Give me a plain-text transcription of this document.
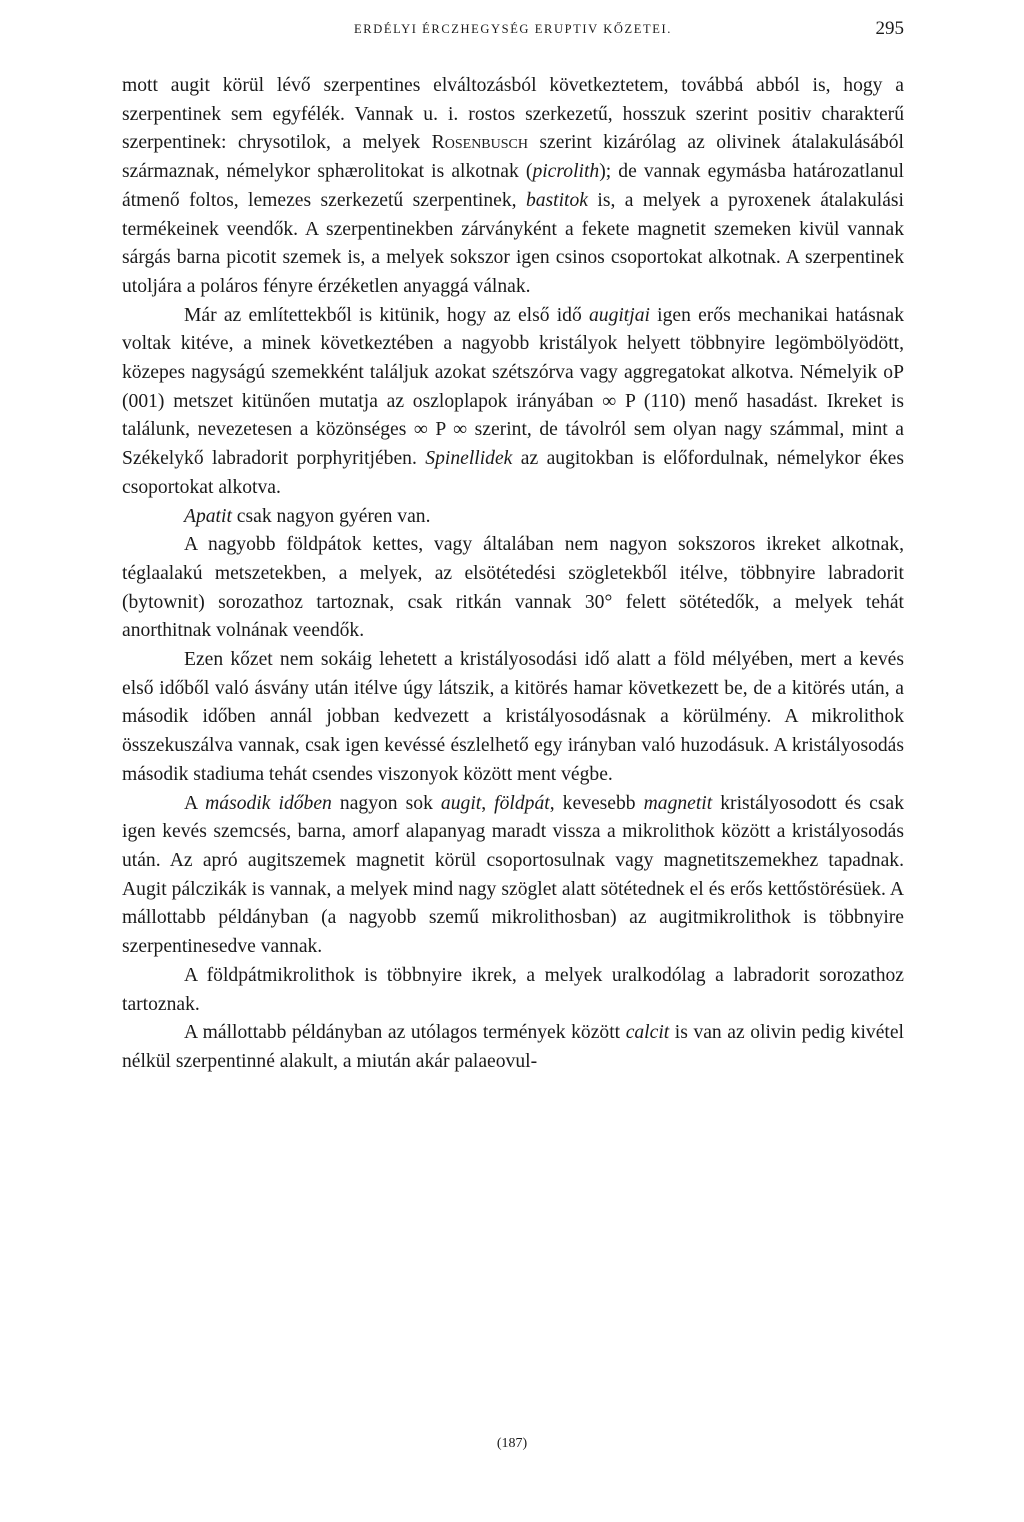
ERDÉLYI ÉRCZHEGYSÉG ERUPTIV KŐZETEI.	295

mott augit körül lévő szerpentines elváltozásból következtetem, továbbá abból is, hogy a szerpentinek sem egyfélék. Vannak u. i. rostos szerkezetű, hosszuk szerint positiv charakterű szerpentinek: chrysotilok, a melyek Rosenbusch szerint kizárólag az olivinek átalakulásából származnak, némelykor sphærolitokat is alkotnak (picrolith); de vannak egymásba határozatlanul átmenő foltos, lemezes szerkezetű szerpentinek, bastitok is, a melyek a pyroxenek átalakulási termékeinek veendők. A szerpentinekben zárványként a fekete magnetit szemeken kivül vannak sárgás barna picotit szemek is, a melyek sokszor igen csinos csoportokat alkotnak. A szerpentinek utoljára a poláros fényre érzéketlen anyaggá válnak.

Már az említettekből is kitünik, hogy az első idő augitjai igen erős mechanikai hatásnak voltak kitéve, a minek következtében a nagyobb kristályok helyett többnyire legömbölyödött, közepes nagyságú szemekként találjuk azokat szétszórva vagy aggregatokat alkotva. Némelyik oP (001) metszet kitünően mutatja az oszloplapok irányában ∞ P (110) menő hasadást. Ikreket is találunk, nevezetesen a közönséges ∞ P ∞ szerint, de távolról sem olyan nagy számmal, mint a Székelykő labradorit porphyritjében. Spinellidek az augitokban is előfordulnak, némelykor ékes csoportokat alkotva.

Apatit csak nagyon gyéren van.

A nagyobb földpátok kettes, vagy általában nem nagyon sokszoros ikreket alkotnak, téglaalakú metszetekben, a melyek, az elsötétedési szögletekből itélve, többnyire labradorit (bytownit) sorozathoz tartoznak, csak ritkán vannak 30° felett sötétedők, a melyek tehát anorthitnak volnának veendők.

Ezen kőzet nem sokáig lehetett a kristályosodási idő alatt a föld mélyében, mert a kevés első időből való ásvány után itélve úgy látszik, a kitörés hamar következett be, de a kitörés után, a második időben annál jobban kedvezett a kristályosodásnak a körülmény. A mikrolithok összekuszálva vannak, csak igen kevéssé észlelhető egy irányban való huzodásuk. A kristályosodás második stadiuma tehát csendes viszonyok között ment végbe.

A második időben nagyon sok augit, földpát, kevesebb magnetit kristályosodott és csak igen kevés szemcsés, barna, amorf alapanyag maradt vissza a mikrolithok között a kristályosodás után. Az apró augitszemek magnetit körül csoportosulnak vagy magnetitszemekhez tapadnak. Augit pálczikák is vannak, a melyek mind nagy szöglet alatt sötétednek el és erős kettőstörésüek. A mállottabb példányban (a nagyobb szemű mikrolithosban) az augitmikrolithok is többnyire szerpentinesedve vannak.

A földpátmikrolithok is többnyire ikrek, a melyek uralkodólag a labradorit sorozathoz tartoznak.

A mállottabb példányban az utólagos termények között calcit is van az olivin pedig kivétel nélkül szerpentinné alakult, a miután akár palaeovul-

(187)
